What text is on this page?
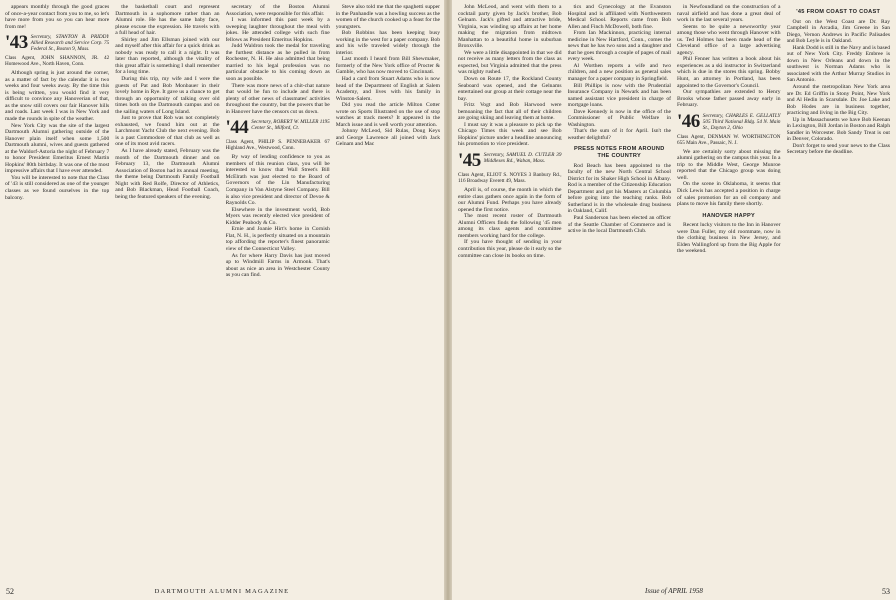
appears monthly through the good graces of once-a-year contact from you to me, so let's have more from you so you can hear more from me!

'43 Secretary, STANTON B. PRIDDY Allied Research and Service Corp. 75 Federal St., Boston 9, Mass.
Class Agent, JOHN SHANNON, JR. 42 Homewood Ave., North Haven, Conn.

Although spring is just around the corner, as a matter of fact by the calendar it is two weeks and four weeks away. By the time this is being written, you would find it very difficult to convince any Hanoverian of that, as the snow still covers our fair Hanover hills and roads. Last week I was in New York and made the rounds in spite of the weather.

New York City was the site of the largest Dartmouth Alumni gathering outside of the Hanover plain itself when some 1,500 Dartmouth alumni, wives and guests gathered at the Waldorf-Astoria the night of February 7 to honor President Emeritus Ernest Martin Hopkins' 80th birthday. It was one of the most impressive affairs that I have ever attended.

You will be interested to note that the Class of '43 is still considered as one of the younger classes as we found ourselves in the top balcony.

the basketball court and represent Dartmouth in a sophomore rather than an Alumni role. He has the same baby face, please excuse the expression. He travels with a full head of hair.

Shirley and Jim Ellsman joined with our and myself after this affair for a quick drink as nobody was ready to call it a night. It was later than reported, although the vitality of this great affair is something I shall remember for a long time.

During this trip, my wife and I were the guests of Pat and Bob Monbauer in their lovely home in Rye. It gave us a chance to get through an opportunity of talking over old times both on the Dartmouth campus and on the sailing waters of Long Island.

Just to prove that Rob was not completely exhausted, we found him out at the Larchmont Yacht Club the next evening. Bob is a past Commodore of that club as well as one of its most avid racers.

As I have already stated, February was the month of the Dartmouth dinner and on February 13, the Dartmouth Alumni Association of Boston had its annual meeting, the theme being Dartmouth Family Football Night with Red Rolfe, Director of Athletics, and Bob Blackman, Head Football Coach, being the featured speakers of the evening.

secretary of the Boston Alumni Association, were responsible for this affair.

I was informed this past week by a sweeping laughter throughout the meal with jokes. He attended college with such fine fellows as President Emeritus Hopkins.

Judd Waldron took the medal for traveling the furthest distance as he pulled in from Rochester, N. H. He also admitted that being married to his legal profession was no particular obstacle to his coming down as soon as possible.

There was more news of a chit-chat nature that would be fun to include and there is plenty of other news of classmates' activities throughout the country, but the powers that be in Hanover have the censors cut us down.

'44 Secretary, ROBERT W. MILLER 1195 Center St., Milford, Ct.
Class Agent, PHILIP S. PENNEBAKER 67 Highland Ave., Westwood, Conn.

By way of lending confidence to you as members of this reunion class, you will be interested to know that Wall Street's Bill McElrath was just elected to the Board of Governors of the Lin Manufacturing Company in Van Alstyne Steel Company. Bill is also vice president and director of Devoe & Raynolds Co.

Elsewhere in the investment world, Bob Myers was recently elected vice president of Kidder Peabody & Co.

Ernie and Joanie Hirt's home in Cornish Flat, N. H., is perfectly situated on a mountain top affording the reporter's finest panoramic view of the Connecticut Valley.

As for where Harry Davis has just moved up to Windmill Farms in Armonk. That's about as nice an area in Westchester County as you can find.

Steve also told me that the spaghetti supper in the Panhandle was a howling success as the women of the church cooked up a feast for the youngsters.

Bob Robbins has been keeping busy working in the west for a paper company. Bob and his wife traveled widely through the interior.

Last month I heard from Bill Shewmaker, formerly of the New York office of Procter & Gamble, who has now moved to Cincinnati.

Had a card from Stuart Adams who is now head of the Department of English at Salem Academy, and lives with his family in Winston-Salem.

Did you read the article Milton Cotter wrote on Sports Illustrated on the use of stop watches at track meets? It appeared in the March issue and is well worth your attention.

Johnny McLeod, Sid Rulas, Doug Keys and George Lawrence all joined with Jack Gelnam and Mac

52	DARTMOUTH ALUMNI MAGAZINE

John McLeod, and went with them to a cocktail party given by Jack's brother, Bob Gelnam. Jack's gifted and attractive bride, Virginia, was winding up affairs at her home making the migration from midtown Manhattan to a beautiful home in suburban Bronxville.

We were a little disappointed in that we did not receive as many letters from the class as expected, but Virginia admitted that the press was mighty rushed.

Down on Route 17, the Rockland County Seaboard was opened, and the Gelnams entertained our group at their cottage near the bay.

Fritz Vogt and Bob Harwood were bemoaning the fact that all of their children are going skiing and leaving them at home.

I must say it was a pleasure to pick up the Chicago Times this week and see Bob Hopkins' picture under a headline announcing his promotion to vice president.

'45 Secretary, SAMUEL D. CUTLER 39 Middlesex Rd., Waban, Mass.
Class Agent, ELIOT S. NOYES 3 Banbury Rd., 116 Broadway Everett 49, Mass.

April is, of course, the month in which the entire class gathers once again in the form of our Alumni Fund. Perhaps you have already opened the first notice.

The most recent roster of Dartmouth Alumni Officers finds the following '45 men among its class agents and committee members working hard for the college.

If you have thought of sending in your contribution this year, please do it early so the committee can close its books on time.

tics and Gynecology at the Evanston Hospital and is affiliated with Northwestern Medical School. Reports came from Bob Allen and Finch McDowell, both fine.

From Ian Mackinnon, practicing internal medicine in New Hartford, Conn., comes the news that he has two sons and a daughter and that he goes through a couple of pages of mail every week.

Al Worthen reports a wife and two children, and a new position as general sales manager for a paper company in Springfield.

Bill Phillips is now with the Prudential Insurance Company in Newark and has been named assistant vice president in charge of mortgage loans.

Dave Kennedy is now in the office of the Commissioner of Public Welfare in Washington.

That's the sum of it for April. Isn't the weather delightful?

PRESS NOTES FROM AROUND THE COUNTRY

Rod Beach has been appointed to the faculty of the new North Central School District for its Shaker High School in Albany. Rod is a member of the Citizenship Education Department and got his Masters at Columbia before going into the teaching ranks. Bob Sutherland is in the wholesale drug business in Oakland, Calif.

Paul Sanderson has been elected an officer of the Seattle Chamber of Commerce and is active in the local Dartmouth Club.

in Newfoundland on the construction of a naval airfield and has done a great deal of work in the last several years.

Seems to be quite a newsworthy year among those who went through Hanover with us. Ted Holmes has been made head of the Cleveland office of a large advertising agency.

Phil Fenner has written a book about his experiences as a ski instructor in Switzerland which is due in the stores this spring. Bobby Hunt, an attorney in Portland, has been appointed to the Governor's Council.

Our sympathies are extended to Henry Brooks whose father passed away early in February.

'46 Secretary, CHARLES E. GELLATLY 505 Third National Bldg. 54 N. Main St., Dayton 2, Ohio
Class Agent, DENMAN W. WORTHINGTON 655 Main Ave., Passaic, N. J.

We are certainly sorry about missing the alumni gathering on the campus this year. In a trip to the Middle West, George Munroe reported that the Chicago group was doing well.

On the scene in Oklahoma, it seems that Dick Lewis has accepted a position in charge of sales promotion for an oil company and plans to move his family there shortly.

HANOVER HAPPY

Recent lucky visitors to the Inn in Hanover were Dan Fuller, my old roommate, now in the clothing business in New Jersey, and Elden Wallingford up from the Big Apple for the weekend.

'45 FROM COAST TO COAST

Out on the West Coast are Dr. Ray Campbell in Arcadia, Jim Greene in San Diego, Vernon Andrews in Pacific Palisades and Bob Leyle is in Oakland.

Hank Dodd is still in the Navy and is based out of New York City. Freddy Embree is down in New Orleans and down in the southwest is Norman Adams who is associated with the Arthur Murray Studios in San Antonio.

Around the metropolitan New York area are Dr. Ed Griffin in Stony Point, New York and Al Hedin in Scarsdale. Dr. Joe Lake and Bob Hodes are in business together, practicing and living in the Big City.

Up in Massachusetts we have Bob Keenan in Lexington, Bill Jordan in Boston and Ralph Sandler in Worcester. Bob Sandy Treat is out in Denver, Colorado.

Don't forget to send your news to the Class Secretary before the deadline.

Issue of APRIL 1958	53
